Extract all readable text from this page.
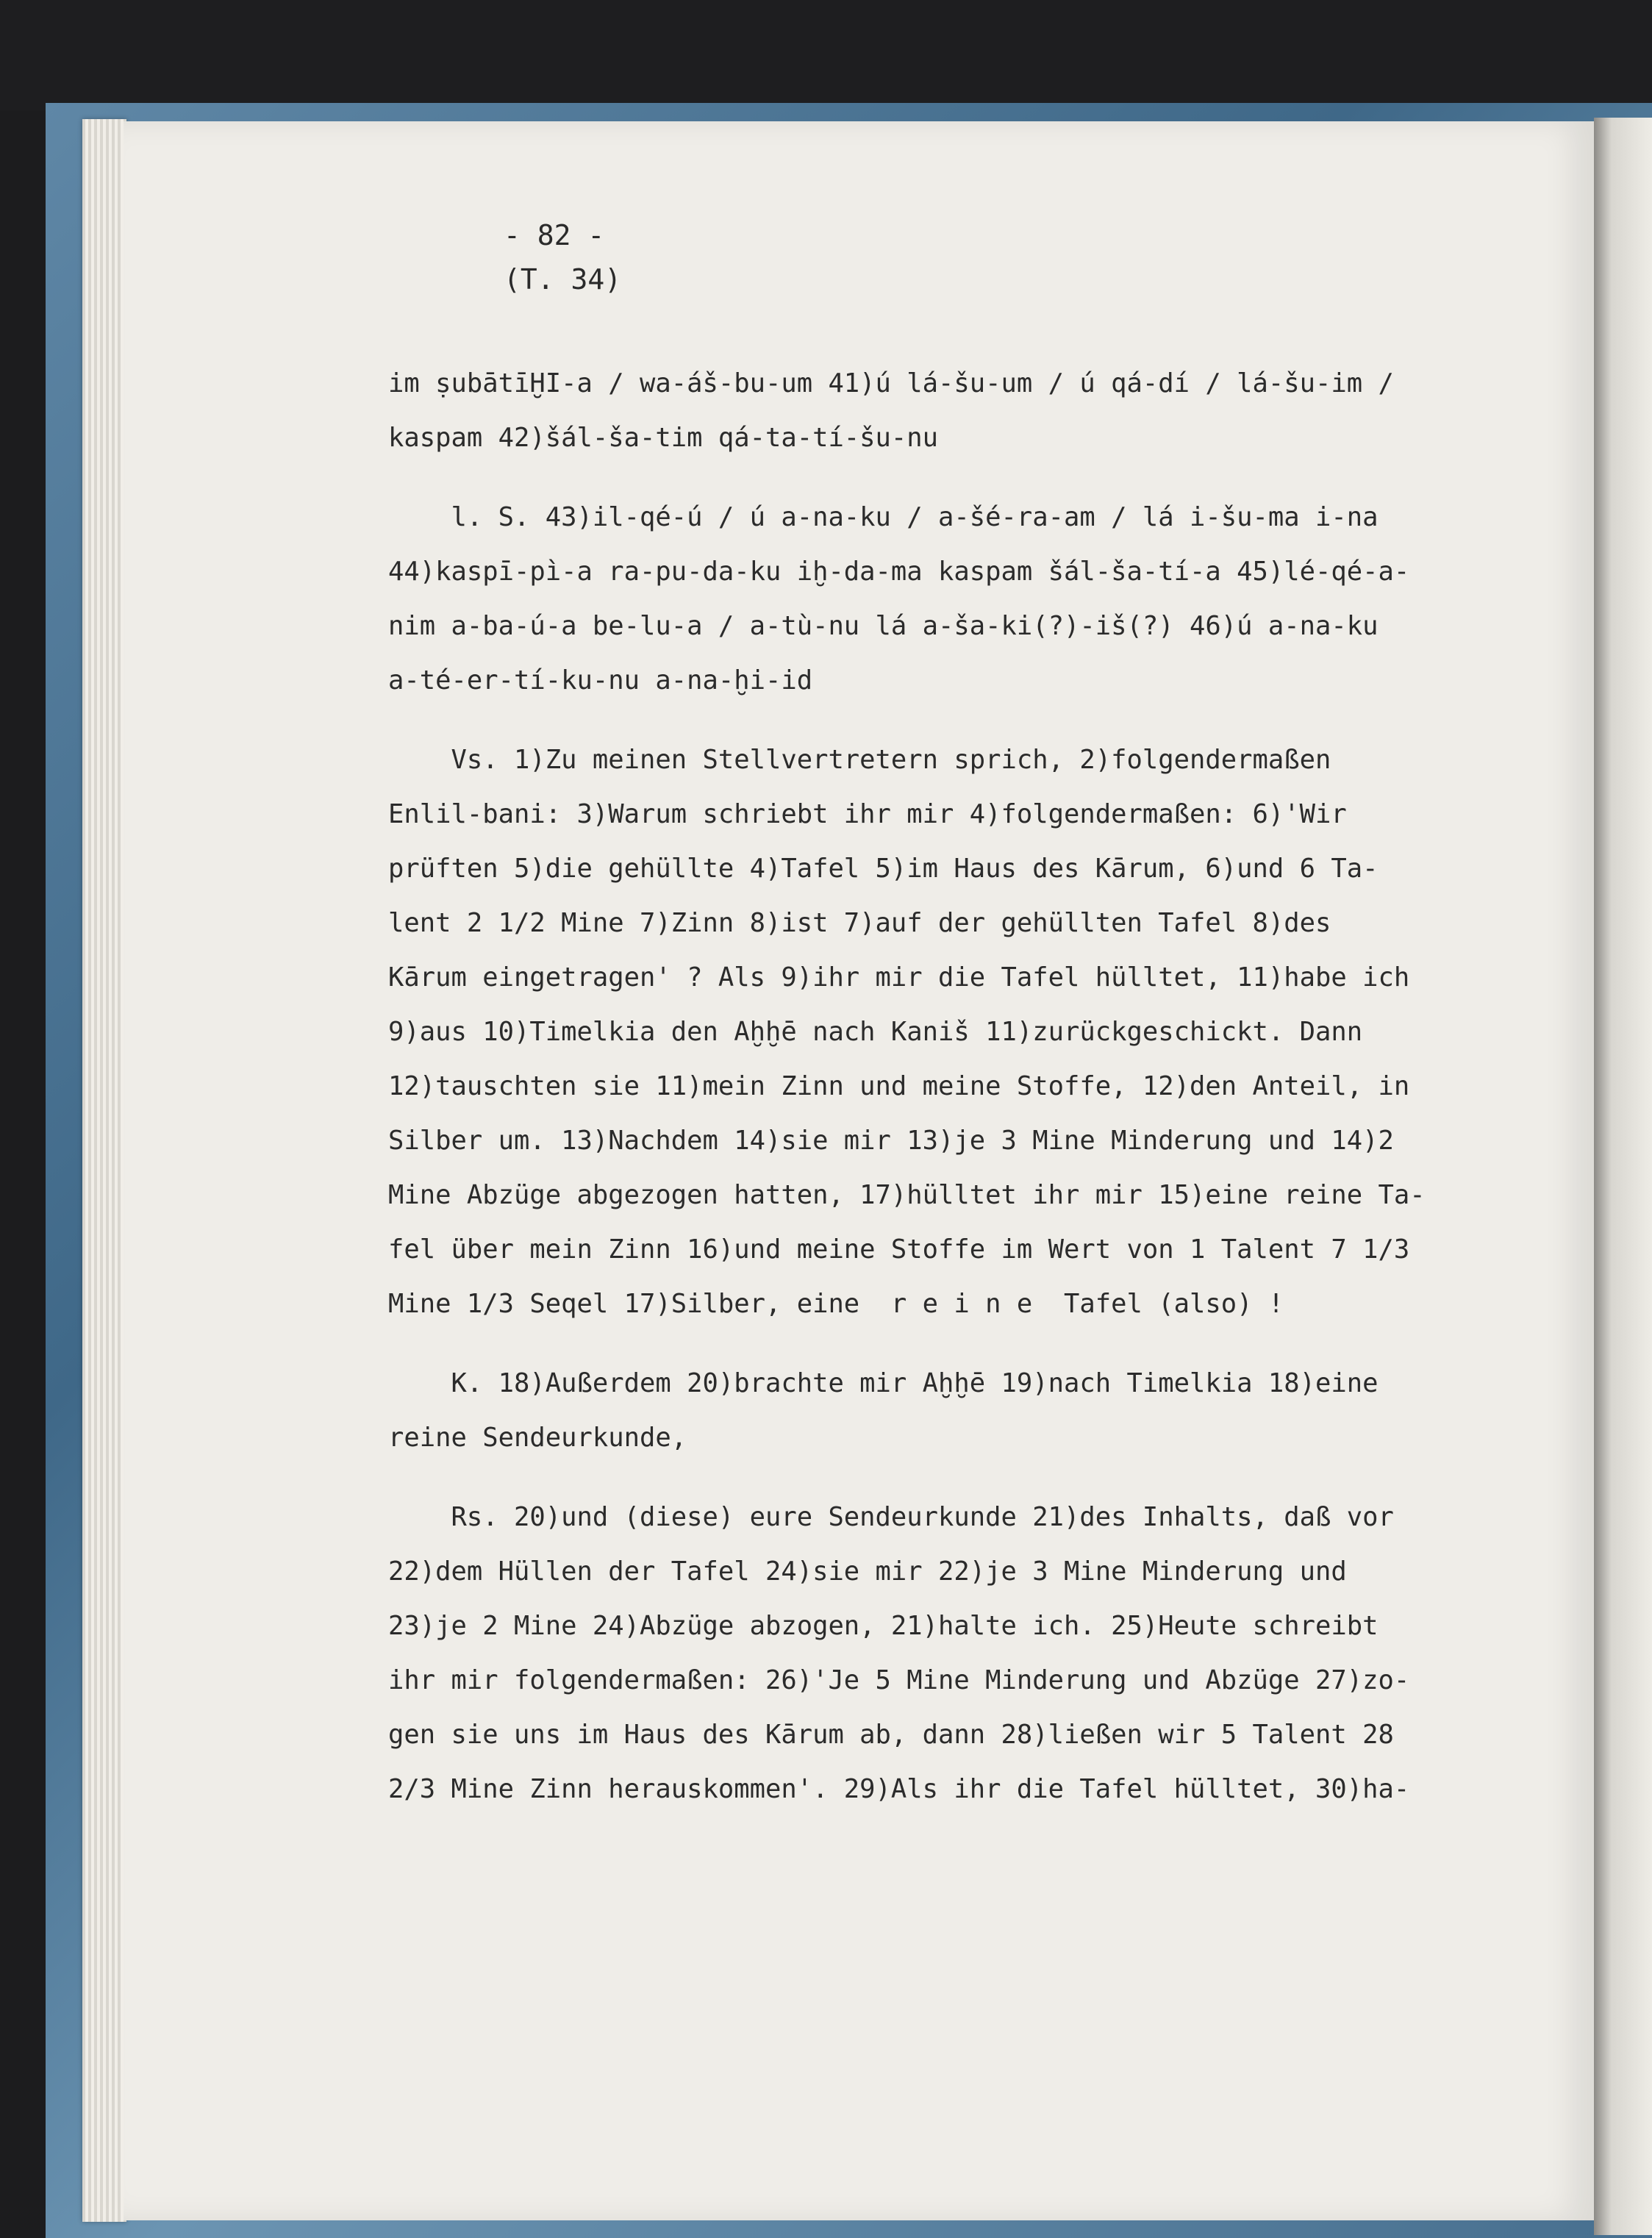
- 82 -
(T. 34)
im ṣubātīḪI-a / wa-áš-bu-um 41)ú lá-šu-um / ú qá-dí / lá-šu-im /
kaspam 42)šál-ša-tim qá-ta-tí-šu-nu
l. S. 43)il-qé-ú / ú a-na-ku / a-šé-ra-am / lá i-šu-ma i-na
44)kaspī-pì-a ra-pu-da-ku iḫ-da-ma kaspam šál-ša-tí-a 45)lé-qé-a-
nim a-ba-ú-a be-lu-a / a-tù-nu lá a-ša-ki(?)-iš(?) 46)ú a-na-ku
a-té-er-tí-ku-nu a-na-ḫi-id
Vs. 1)Zu meinen Stellvertretern sprich, 2)folgendermaßen
Enlil-bani: 3)Warum schriebt ihr mir 4)folgendermaßen: 6)'Wir
prüften 5)die gehüllte 4)Tafel 5)im Haus des Kārum, 6)und 6 Ta-
lent 2 1/2 Mine 7)Zinn 8)ist 7)auf der gehüllten Tafel 8)des
Kārum eingetragen' ? Als 9)ihr mir die Tafel hülltet, 11)habe ich
9)aus 10)Timelkia den Aḫḫē nach Kaniš 11)zurückgeschickt. Dann
12)tauschten sie 11)mein Zinn und meine Stoffe, 12)den Anteil, in
Silber um. 13)Nachdem 14)sie mir 13)je 3 Mine Minderung und 14)2
Mine Abzüge abgezogen hatten, 17)hülltet ihr mir 15)eine reine Ta-
fel über mein Zinn 16)und meine Stoffe im Wert von 1 Talent 7 1/3
Mine 1/3 Seqel 17)Silber, eine  r e i n e  Tafel (also) !
K. 18)Außerdem 20)brachte mir Aḫḫē 19)nach Timelkia 18)eine
reine Sendeurkunde,
Rs. 20)und (diese) eure Sendeurkunde 21)des Inhalts, daß vor
22)dem Hüllen der Tafel 24)sie mir 22)je 3 Mine Minderung und
23)je 2 Mine 24)Abzüge abzogen, 21)halte ich. 25)Heute schreibt
ihr mir folgendermaßen: 26)'Je 5 Mine Minderung und Abzüge 27)zo-
gen sie uns im Haus des Kārum ab, dann 28)ließen wir 5 Talent 28
2/3 Mine Zinn herauskommen'. 29)Als ihr die Tafel hülltet, 30)ha-
